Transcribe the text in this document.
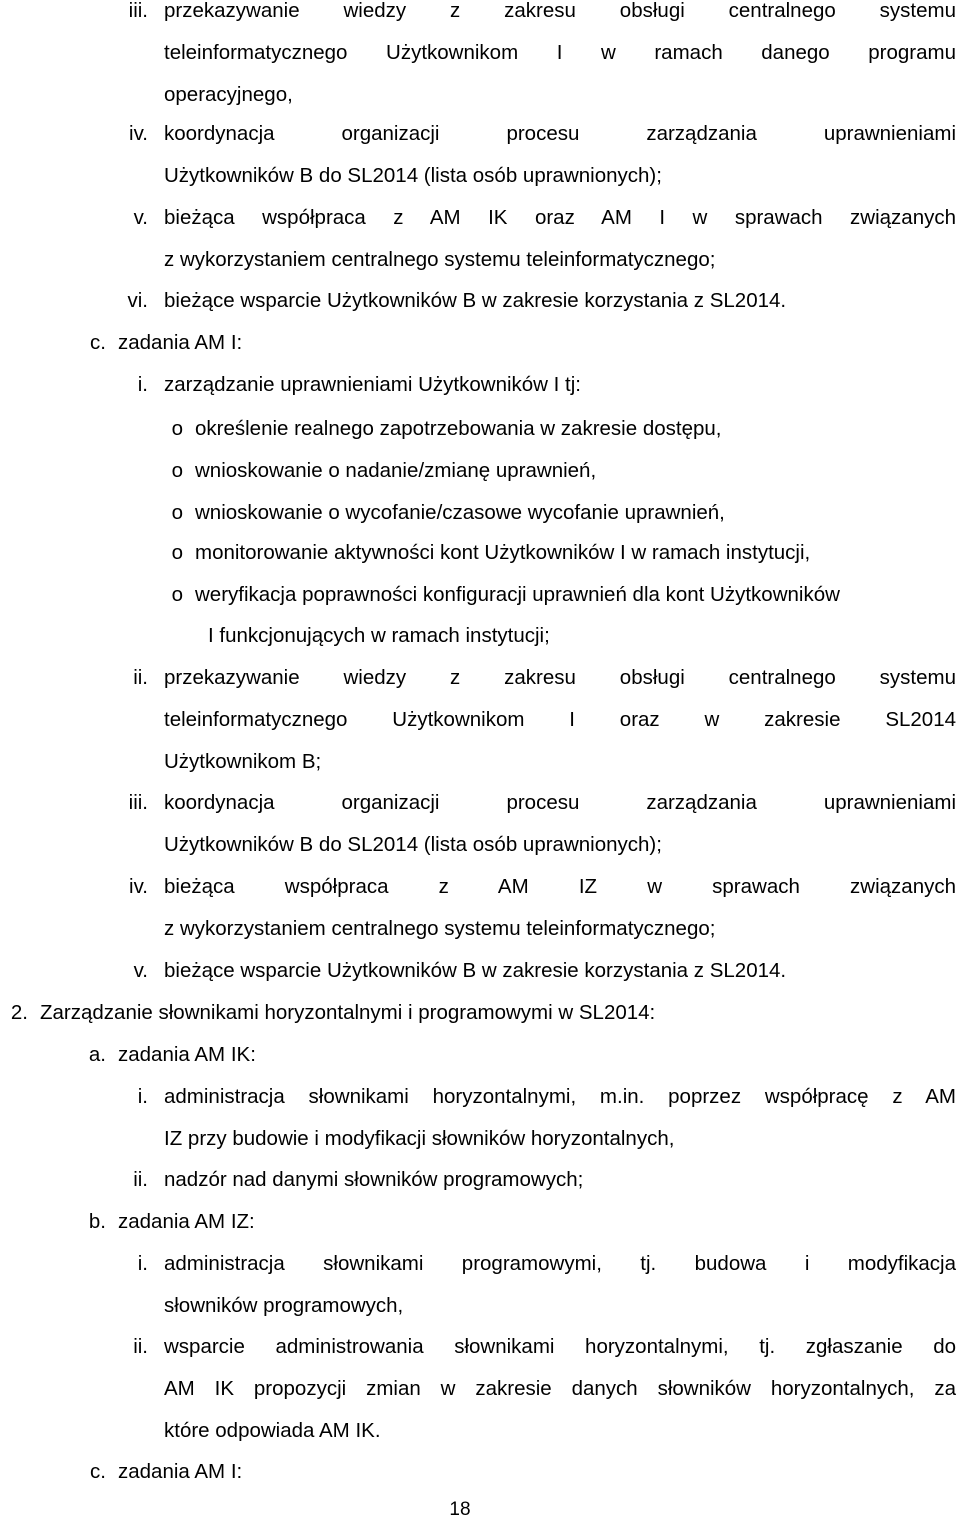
iii. przekazywanie wiedzy z zakresu obsługi centralnego systemu
teleinformatycznego Użytkownikom I w ramach danego programu
operacyjnego,
iv. koordynacja organizacji procesu zarządzania uprawnieniami
Użytkowników B do SL2014 (lista osób uprawnionych);
v. bieżąca współpraca z AM IK oraz AM I w sprawach związanych
z wykorzystaniem centralnego systemu teleinformatycznego;
vi. bieżące wsparcie Użytkowników B w zakresie korzystania z SL2014.
c. zadania AM I:
i. zarządzanie uprawnieniami Użytkowników I tj:
o określenie realnego zapotrzebowania w zakresie dostępu,
o wnioskowanie o nadanie/zmianę uprawnień,
o wnioskowanie o wycofanie/czasowe wycofanie uprawnień,
o monitorowanie aktywności kont Użytkowników I w ramach instytucji,
o weryfikacja poprawności konfiguracji uprawnień dla kont Użytkowników
I funkcjonujących w ramach instytucji;
ii. przekazywanie wiedzy z zakresu obsługi centralnego systemu
teleinformatycznego Użytkownikom I oraz w zakresie SL2014
Użytkownikom B;
iii. koordynacja organizacji procesu zarządzania uprawnieniami
Użytkowników B do SL2014 (lista osób uprawnionych);
iv. bieżąca współpraca z AM IZ w sprawach związanych
z wykorzystaniem centralnego systemu teleinformatycznego;
v. bieżące wsparcie Użytkowników B w zakresie korzystania z SL2014.
2. Zarządzanie słownikami horyzontalnymi i programowymi w SL2014:
a. zadania AM IK:
i. administracja słownikami horyzontalnymi, m.in. poprzez współpracę z AM
IZ przy budowie i modyfikacji słowników horyzontalnych,
ii. nadzór nad danymi słowników programowych;
b. zadania AM IZ:
i. administracja słownikami programowymi, tj. budowa i modyfikacja
słowników programowych,
ii. wsparcie administrowania słownikami horyzontalnymi, tj. zgłaszanie do
AM IK propozycji zmian w zakresie danych słowników horyzontalnych, za
które odpowiada AM IK.
c. zadania AM I:
18
